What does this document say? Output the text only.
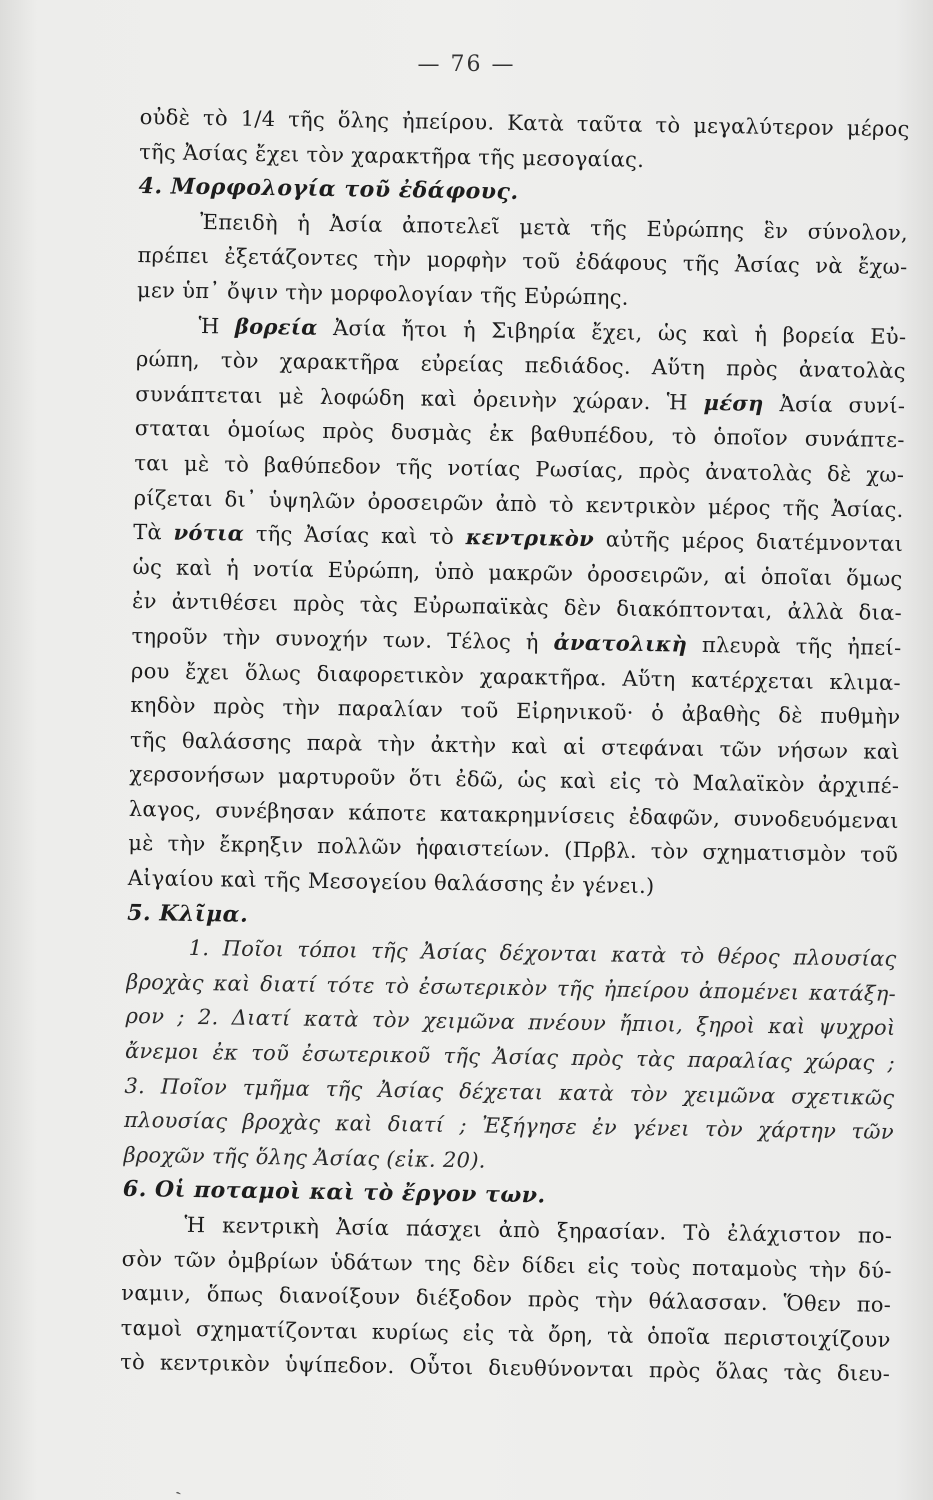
— 76 —
οὐδὲ τὸ 1/4 τῆς ὅλης ἠπείρου. Κατὰ ταῦτα τὸ μεγαλύτερον μέρος
τῆς Ἀσίας ἔχει τὸν χαρακτῆρα τῆς μεσογαίας.
4. Μορφολογία τοῦ ἐδάφους.
Ἐπειδὴ ἡ Ἀσία ἀποτελεῖ μετὰ τῆς Εὐρώπης ἓν σύνολον,
πρέπει ἐξετάζοντες τὴν μορφὴν τοῦ ἐδάφους τῆς Ἀσίας νὰ ἔχω-
μεν ὑπ᾿ ὄψιν τὴν μορφολογίαν τῆς Εὐρώπης.
Ἡ βορεία Ἀσία ἤτοι ἡ Σιβηρία ἔχει, ὡς καὶ ἡ βορεία Εὐ-
ρώπη, τὸν χαρακτῆρα εὐρείας πεδιάδος. Αὕτη πρὸς ἀνατολὰς
συνάπτεται μὲ λοφώδη καὶ ὀρεινὴν χώραν. Ἡ μέση Ἀσία συνί-
σταται ὁμοίως πρὸς δυσμὰς ἐκ βαθυπέδου, τὸ ὁποῖον συνάπτε-
ται μὲ τὸ βαθύπεδον τῆς νοτίας Ρωσίας, πρὸς ἀνατολὰς δὲ χω-
ρίζεται δι᾿ ὑψηλῶν ὀροσειρῶν ἀπὸ τὸ κεντρικὸν μέρος τῆς Ἀσίας.
Τὰ νότια τῆς Ἀσίας καὶ τὸ κεντρικὸν αὐτῆς μέρος διατέμνονται
ὡς καὶ ἡ νοτία Εὐρώπη, ὑπὸ μακρῶν ὀροσειρῶν, αἱ ὁποῖαι ὅμως
ἐν ἀντιθέσει πρὸς τὰς Εὐρωπαϊκὰς δὲν διακόπτονται, ἀλλὰ δια-
τηροῦν τὴν συνοχήν των. Τέλος ἡ ἀνατολικὴ πλευρὰ τῆς ἠπεί-
ρου ἔχει ὅλως διαφορετικὸν χαρακτῆρα. Αὕτη κατέρχεται κλιμα-
κηδὸν πρὸς τὴν παραλίαν τοῦ Εἰρηνικοῦ· ὁ ἀβαθὴς δὲ πυθμὴν
τῆς θαλάσσης παρὰ τὴν ἀκτὴν καὶ αἱ στεφάναι τῶν νήσων καὶ
χερσονήσων μαρτυροῦν ὅτι ἐδῶ, ὡς καὶ εἰς τὸ Μαλαϊκὸν ἀρχιπέ-
λαγος, συνέβησαν κάποτε κατακρημνίσεις ἐδαφῶν, συνοδευόμεναι
μὲ τὴν ἔκρηξιν πολλῶν ἡφαιστείων. (Πρβλ. τὸν σχηματισμὸν τοῦ
Αἰγαίου καὶ τῆς Μεσογείου θαλάσσης ἐν γένει.)
5. Κλῖμα.
1. Ποῖοι τόποι τῆς Ἀσίας δέχονται κατὰ τὸ θέρος πλουσίας
βροχὰς καὶ διατί τότε τὸ ἐσωτερικὸν τῆς ἠπείρου ἀπομένει κατάξη-
ρον ; 2. Διατί κατὰ τὸν χειμῶνα πνέουν ἤπιοι, ξηροὶ καὶ ψυχροὶ
ἄνεμοι ἐκ τοῦ ἐσωτερικοῦ τῆς Ἀσίας πρὸς τὰς παραλίας χώρας ;
3. Ποῖον τμῆμα τῆς Ἀσίας δέχεται κατὰ τὸν χειμῶνα σχετικῶς
πλουσίας βροχὰς καὶ διατί ; Ἐξήγησε ἐν γένει τὸν χάρτην τῶν
βροχῶν τῆς ὅλης Ἀσίας (εἰκ. 20).
6. Οἱ ποταμοὶ καὶ τὸ ἔργον των.
Ἡ κεντρικὴ Ἀσία πάσχει ἀπὸ ξηρασίαν. Τὸ ἐλάχιστον πο-
σὸν τῶν ὀμβρίων ὑδάτων της δὲν δίδει εἰς τοὺς ποταμοὺς τὴν δύ-
ναμιν, ὅπως διανοίξουν διέξοδον πρὸς τὴν θάλασσαν. Ὅθεν πο-
ταμοὶ σχηματίζονται κυρίως εἰς τὰ ὄρη, τὰ ὁποῖα περιστοιχίζουν
τὸ κεντρικὸν ὑψίπεδον. Οὗτοι διευθύνονται πρὸς ὅλας τὰς διευ-
ˎ
